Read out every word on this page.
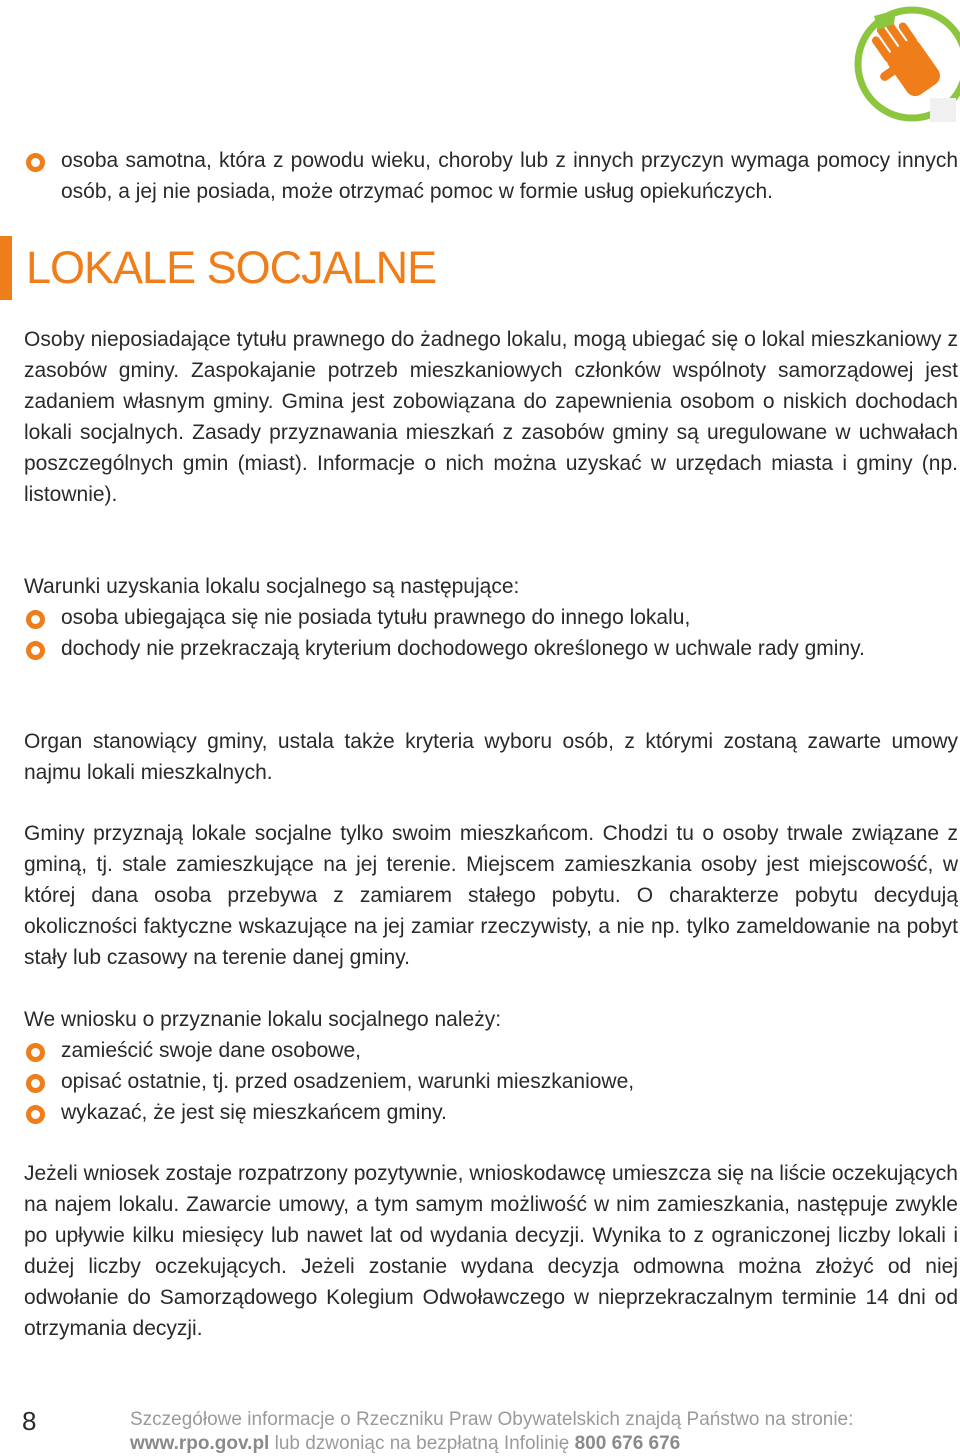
osoba samotna, która z powodu wieku, choroby lub z innych przyczyn wymaga pomocy innych osób, a jej nie posiada, może otrzymać pomoc w formie usług opiekuńczych.
LOKALE SOCJALNE

Osoby nieposiadające tytułu prawnego do żadnego lokalu, mogą ubiegać się o lokal mieszkaniowy z zasobów gminy. Zaspokajanie potrzeb mieszkaniowych członków wspólnoty samorządowej jest zadaniem własnym gminy. Gmina jest zobowiązana do zapewnienia osobom o niskich dochodach lokali socjalnych. Zasady przyznawania mieszkań z zasobów gminy są uregulowane w uchwałach poszczególnych gmin (miast). Informacje o nich można uzyskać w urzędach miasta i gminy (np. listownie).

Warunki uzyskania lokalu socjalnego są następujące:

osoba ubiegająca się nie posiada tytułu prawnego do innego lokalu,
dochody nie przekraczają kryterium dochodowego określonego w uchwale rady gminy.

Organ stanowiący gminy, ustala także kryteria wyboru osób, z którymi zostaną zawarte umowy najmu lokali mieszkalnych.

Gminy przyznają lokale socjalne tylko swoim mieszkańcom. Chodzi tu o osoby trwale związane z gminą, tj. stale zamieszkujące na jej terenie. Miejscem zamieszkania osoby jest miejscowość, w której dana osoba przebywa z zamiarem stałego pobytu. O charakterze pobytu decydują okoliczności faktyczne wskazujące na jej zamiar rzeczywisty, a nie np. tylko zameldowanie na pobyt stały lub czasowy na terenie danej gminy.

We wniosku o przyznanie lokalu socjalnego należy:

zamieścić swoje dane osobowe,
opisać ostatnie, tj. przed osadzeniem, warunki mieszkaniowe,
wykazać, że jest się mieszkańcem gminy.

Jeżeli wniosek zostaje rozpatrzony pozytywnie, wnioskodawcę umieszcza się na liście oczekujących na najem lokalu. Zawarcie umowy, a tym samym możliwość w nim zamieszkania, następuje zwykle po upływie kilku miesięcy lub nawet lat od wydania decyzji. Wynika to z ograniczonej liczby lokali i dużej liczby oczekujących. Jeżeli zostanie wydana decyzja odmowna można złożyć od niej odwołanie do Samorządowego Kolegium Odwoławczego w nieprzekraczalnym terminie 14 dni od otrzymania decyzji.

8	Szczegółowe informacje o Rzeczniku Praw Obywatelskich znajdą Państwo na stronie:
www.rpo.gov.pl lub dzwoniąc na bezpłatną Infolinię 800 676 676
